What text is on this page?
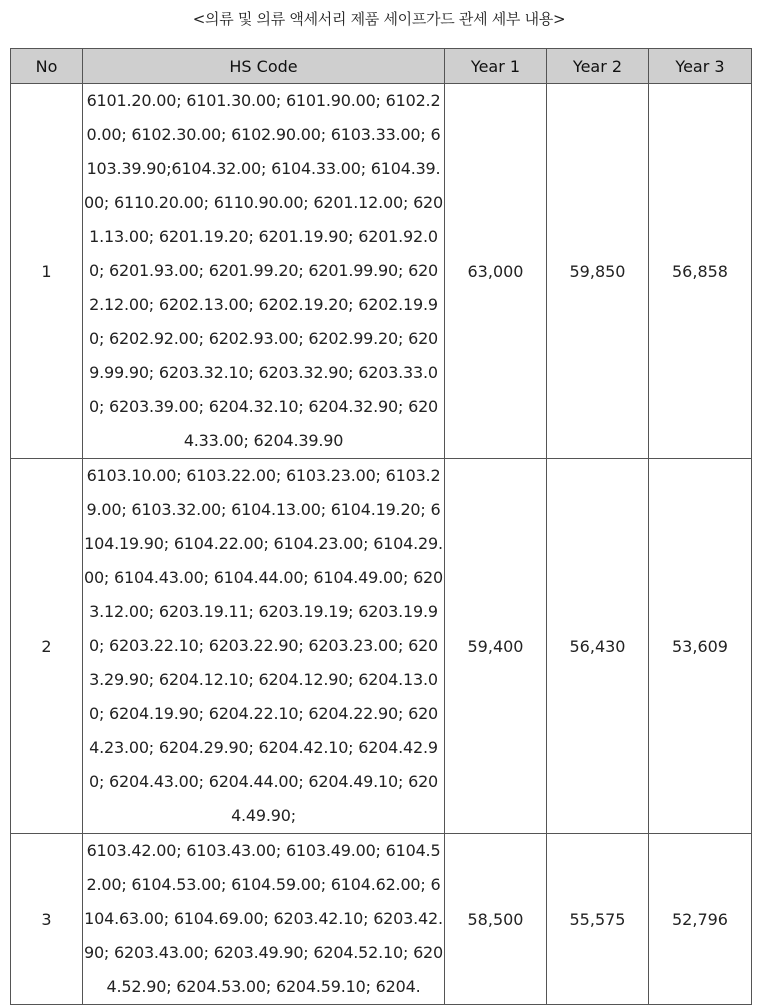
<의류 및 의류 액세서리 제품 세이프가드 관세 세부 내용>
No	HS Code	Year 1	Year 2	Year 3
1	6101.20.00; 6101.30.00; 6101.90.00; 6102.20.00; 6102.30.00; 6102.90.00; 6103.33.00; 6103.39.90;6104.32.00; 6104.33.00; 6104.39.00; 6110.20.00; 6110.90.00; 6201.12.00; 6201.13.00; 6201.19.20; 6201.19.90; 6201.92.00; 6201.93.00; 6201.99.20; 6201.99.90; 6202.12.00; 6202.13.00; 6202.19.20; 6202.19.90; 6202.92.00; 6202.93.00; 6202.99.20; 6209.99.90; 6203.32.10; 6203.32.90; 6203.33.00; 6203.39.00; 6204.32.10; 6204.32.90; 6204.33.00; 6204.39.90	63,000	59,850	56,858
2	6103.10.00; 6103.22.00; 6103.23.00; 6103.29.00; 6103.32.00; 6104.13.00; 6104.19.20; 6104.19.90; 6104.22.00; 6104.23.00; 6104.29.00; 6104.43.00; 6104.44.00; 6104.49.00; 6203.12.00; 6203.19.11; 6203.19.19; 6203.19.90; 6203.22.10; 6203.22.90; 6203.23.00; 6203.29.90; 6204.12.10; 6204.12.90; 6204.13.00; 6204.19.90; 6204.22.10; 6204.22.90; 6204.23.00; 6204.29.90; 6204.42.10; 6204.42.90; 6204.43.00; 6204.44.00; 6204.49.10; 6204.49.90;	59,400	56,430	53,609
3	6103.42.00; 6103.43.00; 6103.49.00; 6104.52.00; 6104.53.00; 6104.59.00; 6104.62.00; 6104.63.00; 6104.69.00; 6203.42.10; 6203.42.90; 6203.43.00; 6203.49.90; 6204.52.10; 6204.52.90; 6204.53.00; 6204.59.10; 6204.	58,500	55,575	52,796
